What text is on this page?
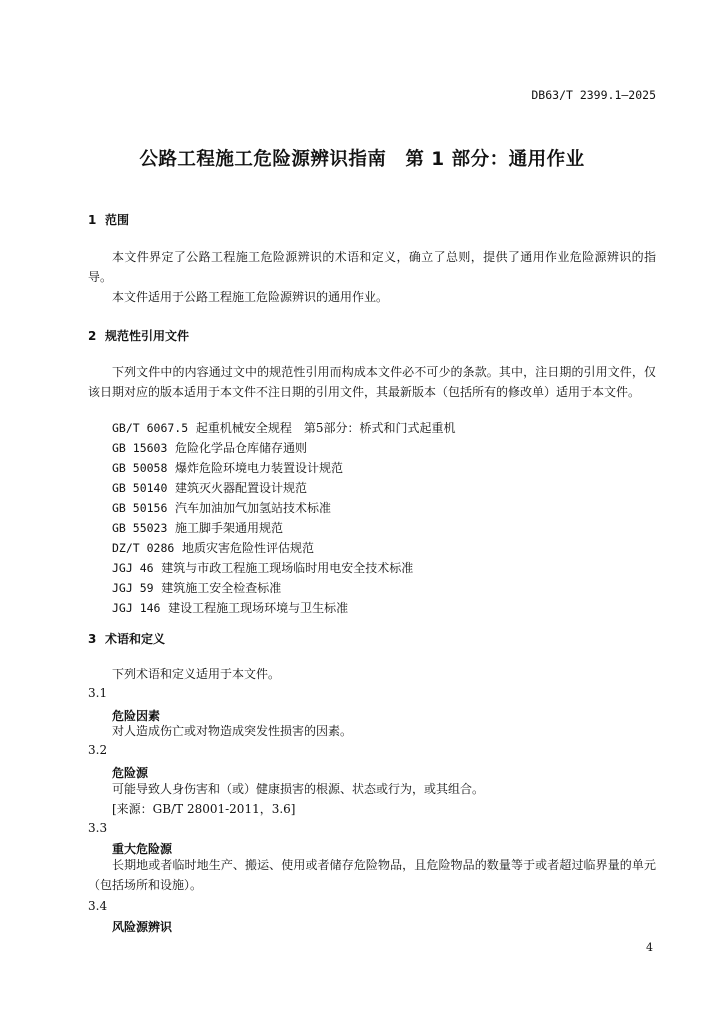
DB63/T 2399.1—2025
公路工程施工危险源辨识指南　第 1 部分：通用作业
1 范围
本文件界定了公路工程施工危险源辨识的术语和定义，确立了总则，提供了通用作业危险源辨识的指导。
本文件适用于公路工程施工危险源辨识的通用作业。
2 规范性引用文件
下列文件中的内容通过文中的规范性引用而构成本文件必不可少的条款。其中，注日期的引用文件，仅该日期对应的版本适用于本文件不注日期的引用文件，其最新版本（包括所有的修改单）适用于本文件。
GB/T 6067.5 起重机械安全规程　第5部分：桥式和门式起重机
GB 15603 危险化学品仓库储存通则
GB 50058 爆炸危险环境电力装置设计规范
GB 50140 建筑灭火器配置设计规范
GB 50156 汽车加油加气加氢站技术标准
GB 55023 施工脚手架通用规范
DZ/T 0286 地质灾害危险性评估规范
JGJ 46 建筑与市政工程施工现场临时用电安全技术标准
JGJ 59 建筑施工安全检查标准
JGJ 146 建设工程施工现场环境与卫生标准
3 术语和定义
下列术语和定义适用于本文件。
3.1
危险因素
对人造成伤亡或对物造成突发性损害的因素。
3.2
危险源
可能导致人身伤害和（或）健康损害的根源、状态或行为，或其组合。
[来源：GB/T 28001-2011，3.6]
3.3
重大危险源
长期地或者临时地生产、搬运、使用或者储存危险物品，且危险物品的数量等于或者超过临界量的单元（包括场所和设施）。
3.4
风险源辨识
4
